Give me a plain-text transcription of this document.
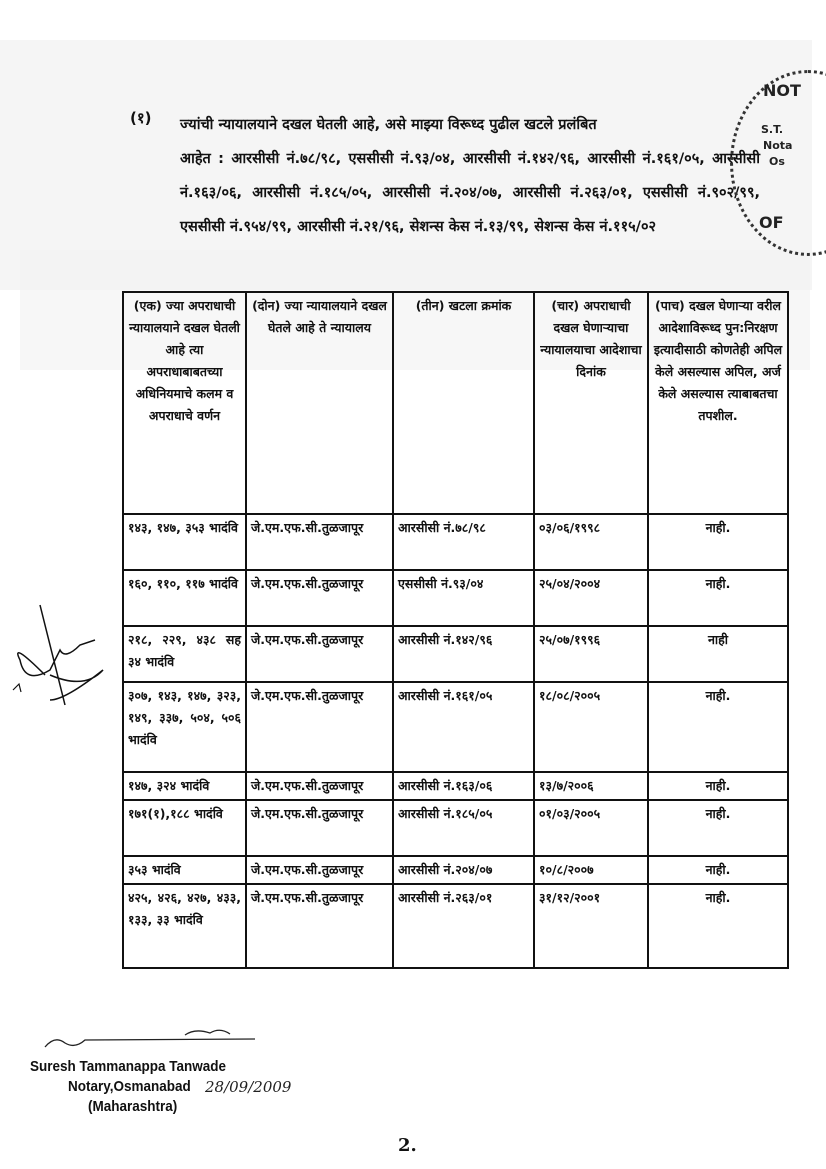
(१) ज्यांची न्यायालयाने दखल घेतली आहे, असे माझ्या विरूध्द पुढील खटले प्रलंबित
आहेत : आरसीसी नं.७८/९८, एससीसी नं.९३/०४, आरसीसी नं.१४२/९६, आरसीसी नं.१६१/०५, आरसीसी नं.१६३/०६, आरसीसी नं.१८५/०५, आरसीसी नं.२०४/०७, आरसीसी नं.२६३/०१, एससीसी नं.९०२/९९, एससीसी नं.९५४/९९, आरसीसी नं.२१/९६, सेशन्स केस नं.१३/९९, सेशन्स केस नं.११५/०२
NOT
S.T.
Nota
Os
OF
(एक) ज्या अपराधाची न्यायालयाने दखल घेतली आहे त्या अपराधाबाबतच्या अधिनियमाचे कलम व अपराधाचे वर्णन	(दोन) ज्या न्यायालयाने दखल घेतले आहे ते न्यायालय	(तीन) खटला क्रमांक	(चार) अपराधाची दखल घेणाऱ्याचा न्यायालयाचा आदेशाचा दिनांक	(पाच) दखल घेणाऱ्या वरील आदेशाविरूध्द पुन:निरक्षण इत्यादीसाठी कोणतेही अपिल केले असल्यास अपिल, अर्ज केले असल्यास त्याबाबतचा तपशील.
१४३, १४७, ३५३ भादंवि	जे.एम.एफ.सी.तुळजापूर	आरसीसी नं.७८/९८	०३/०६/१९९८	नाही.
१६०, ११०, ११७ भादंवि	जे.एम.एफ.सी.तुळजापूर	एससीसी नं.९३/०४	२५/०४/२००४	नाही.
२१८, २२९, ४३८ सह ३४ भादंवि	जे.एम.एफ.सी.तुळजापूर	आरसीसी नं.१४२/९६	२५/०७/१९९६	नाही
३०७, १४३, १४७, ३२३, १४९, ३३७, ५०४, ५०६ भादंवि	जे.एम.एफ.सी.तुळजापूर	आरसीसी नं.१६१/०५	१८/०८/२००५	नाही.
१४७, ३२४ भादंवि	जे.एम.एफ.सी.तुळजापूर	आरसीसी नं.१६३/०६	१३/७/२००६	नाही.
१७१(१),१८८ भादंवि	जे.एम.एफ.सी.तुळजापूर	आरसीसी नं.१८५/०५	०१/०३/२००५	नाही.
३५३ भादंवि	जे.एम.एफ.सी.तुळजापूर	आरसीसी नं.२०४/०७	१०/८/२००७	नाही.
४२५, ४२६, ४२७, ४३३, १३३, ३३ भादंवि	जे.एम.एफ.सी.तुळजापूर	आरसीसी नं.२६३/०१	३१/१२/२००१	नाही.
Suresh Tammanappa Tanwade
Notary,Osmanabad 28/09/2009
(Maharashtra)
2.
